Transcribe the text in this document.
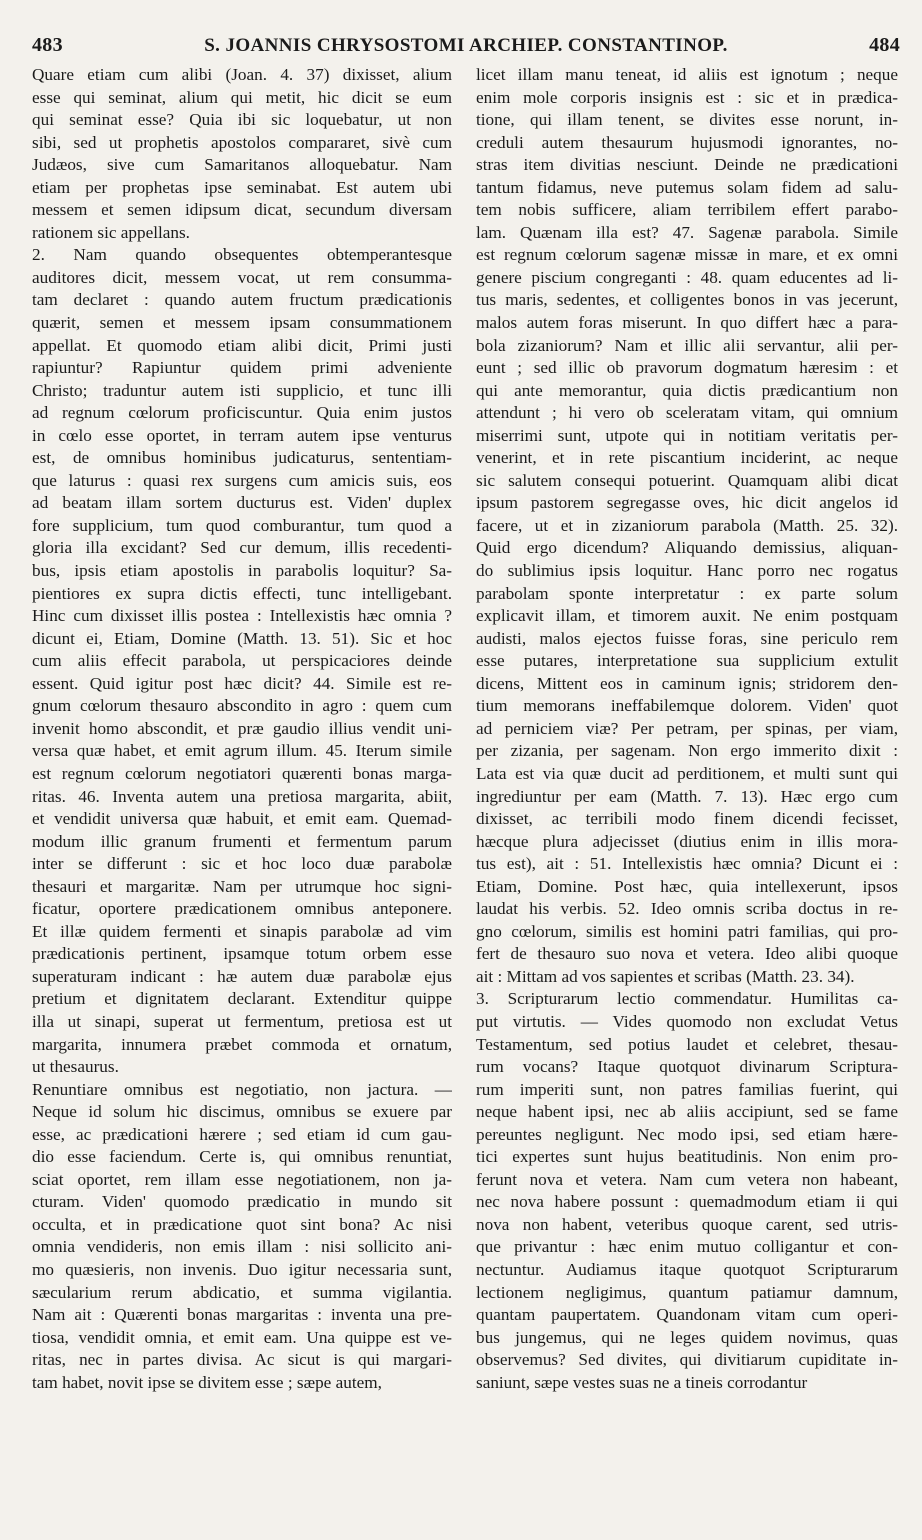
483	S. JOANNIS CHRYSOSTOMI ARCHIEP. CONSTANTINOP.	484
Quare etiam cum alibi (Joan. 4. 37) dixisset, alium
esse qui seminat, alium qui metit, hic dicit se eum
qui seminat esse? Quia ibi sic loquebatur, ut non
sibi, sed ut prophetis apostolos compararet, sivè cum
Judæos, sive cum Samaritanos alloquebatur. Nam
etiam per prophetas ipse seminabat. Est autem ubi
messem et semen idipsum dicat, secundum diversam
rationem sic appellans.
2. Nam quando obsequentes obtemperantesque
auditores dicit, messem vocat, ut rem consumma-
tam declaret : quando autem fructum prædicationis
quærit, semen et messem ipsam consummationem
appellat. Et quomodo etiam alibi dicit, Primi justi
rapiuntur? Rapiuntur quidem primi adveniente
Christo; traduntur autem isti supplicio, et tunc illi
ad regnum cœlorum proficiscuntur. Quia enim justos
in cœlo esse oportet, in terram autem ipse venturus
est, de omnibus hominibus judicaturus, sententiam-
que laturus : quasi rex surgens cum amicis suis, eos
ad beatam illam sortem ducturus est. Viden' duplex
fore supplicium, tum quod comburantur, tum quod a
gloria illa excidant? Sed cur demum, illis recedenti-
bus, ipsis etiam apostolis in parabolis loquitur? Sa-
pientiores ex supra dictis effecti, tunc intelligebant.
Hinc cum dixisset illis postea : Intellexistis hæc omnia ?
dicunt ei, Etiam, Domine (Matth. 13. 51). Sic et hoc
cum aliis effecit parabola, ut perspicaciores deinde
essent. Quid igitur post hæc dicit? 44. Simile est re-
gnum cœlorum thesauro abscondito in agro : quem cum
invenit homo abscondit, et præ gaudio illius vendit uni-
versa quæ habet, et emit agrum illum. 45. Iterum simile
est regnum cœlorum negotiatori quærenti bonas marga-
ritas. 46. Inventa autem una pretiosa margarita, abiit,
et vendidit universa quæ habuit, et emit eam. Quemad-
modum illic granum frumenti et fermentum parum
inter se differunt : sic et hoc loco duæ parabolæ
thesauri et margaritæ. Nam per utrumque hoc signi-
ficatur, oportere prædicationem omnibus anteponere.
Et illæ quidem fermenti et sinapis parabolæ ad vim
prædicationis pertinent, ipsamque totum orbem esse
superaturam indicant : hæ autem duæ parabolæ ejus
pretium et dignitatem declarant. Extenditur quippe
illa ut sinapi, superat ut fermentum, pretiosa est ut
margarita, innumera præbet commoda et ornatum,
ut thesaurus.
Renuntiare omnibus est negotiatio, non jactura. —
Neque id solum hic discimus, omnibus se exuere par
esse, ac prædicationi hærere ; sed etiam id cum gau-
dio esse faciendum. Certe is, qui omnibus renuntiat,
sciat oportet, rem illam esse negotiationem, non ja-
cturam. Viden' quomodo prædicatio in mundo sit
occulta, et in prædicatione quot sint bona? Ac nisi
omnia vendideris, non emis illam : nisi sollicito ani-
mo quæsieris, non invenis. Duo igitur necessaria sunt,
sæcularium rerum abdicatio, et summa vigilantia.
Nam ait : Quærenti bonas margaritas : inventa una pre-
tiosa, vendidit omnia, et emit eam. Una quippe est ve-
ritas, nec in partes divisa. Ac sicut is qui margari-
tam habet, novit ipse se divitem esse ; sæpe autem,
licet illam manu teneat, id aliis est ignotum ; neque
enim mole corporis insignis est : sic et in prædica-
tione, qui illam tenent, se divites esse norunt, in-
creduli autem thesaurum hujusmodi ignorantes, no-
stras item divitias nesciunt. Deinde ne prædicationi
tantum fidamus, neve putemus solam fidem ad salu-
tem nobis sufficere, aliam terribilem effert parabo-
lam. Quænam illa est? 47. Sagenæ parabola. Simile
est regnum cœlorum sagenæ missæ in mare, et ex omni
genere piscium congreganti : 48. quam educentes ad li-
tus maris, sedentes, et colligentes bonos in vas jecerunt,
malos autem foras miserunt. In quo differt hæc a para-
bola zizaniorum? Nam et illic alii servantur, alii per-
eunt ; sed illic ob pravorum dogmatum hæresim : et
qui ante memorantur, quia dictis prædicantium non
attendunt ; hi vero ob sceleratam vitam, qui omnium
miserrimi sunt, utpote qui in notitiam veritatis per-
venerint, et in rete piscantium inciderint, ac neque
sic salutem consequi potuerint. Quamquam alibi dicat
ipsum pastorem segregasse oves, hic dicit angelos id
facere, ut et in zizaniorum parabola (Matth. 25. 32).
Quid ergo dicendum? Aliquando demissius, aliquan-
do sublimius ipsis loquitur. Hanc porro nec rogatus
parabolam sponte interpretatur : ex parte solum
explicavit illam, et timorem auxit. Ne enim postquam
audisti, malos ejectos fuisse foras, sine periculo rem
esse putares, interpretatione sua supplicium extulit
dicens, Mittent eos in caminum ignis; stridorem den-
tium memorans ineffabilemque dolorem. Viden' quot
ad perniciem viæ? Per petram, per spinas, per viam,
per zizania, per sagenam. Non ergo immerito dixit :
Lata est via quæ ducit ad perditionem, et multi sunt qui
ingrediuntur per eam (Matth. 7. 13). Hæc ergo cum
dixisset, ac terribili modo finem dicendi fecisset,
hæcque plura adjecisset (diutius enim in illis mora-
tus est), ait : 51. Intellexistis hæc omnia? Dicunt ei :
Etiam, Domine. Post hæc, quia intellexerunt, ipsos
laudat his verbis. 52. Ideo omnis scriba doctus in re-
gno cœlorum, similis est homini patri familias, qui pro-
fert de thesauro suo nova et vetera. Ideo alibi quoque
ait : Mittam ad vos sapientes et scribas (Matth. 23. 34).
3. Scripturarum lectio commendatur. Humilitas ca-
put virtutis. — Vides quomodo non excludat Vetus
Testamentum, sed potius laudet et celebret, thesau-
rum vocans? Itaque quotquot divinarum Scriptura-
rum imperiti sunt, non patres familias fuerint, qui
neque habent ipsi, nec ab aliis accipiunt, sed se fame
pereuntes negligunt. Nec modo ipsi, sed etiam hære-
tici expertes sunt hujus beatitudinis. Non enim pro-
ferunt nova et vetera. Nam cum vetera non habeant,
nec nova habere possunt : quemadmodum etiam ii qui
nova non habent, veteribus quoque carent, sed utris-
que privantur : hæc enim mutuo colligantur et con-
nectuntur. Audiamus itaque quotquot Scripturarum
lectionem negligimus, quantum patiamur damnum,
quantam paupertatem. Quandonam vitam cum operi-
bus jungemus, qui ne leges quidem novimus, quas
observemus? Sed divites, qui divitiarum cupiditate in-
saniunt, sæpe vestes suas ne a tineis corrodantur
